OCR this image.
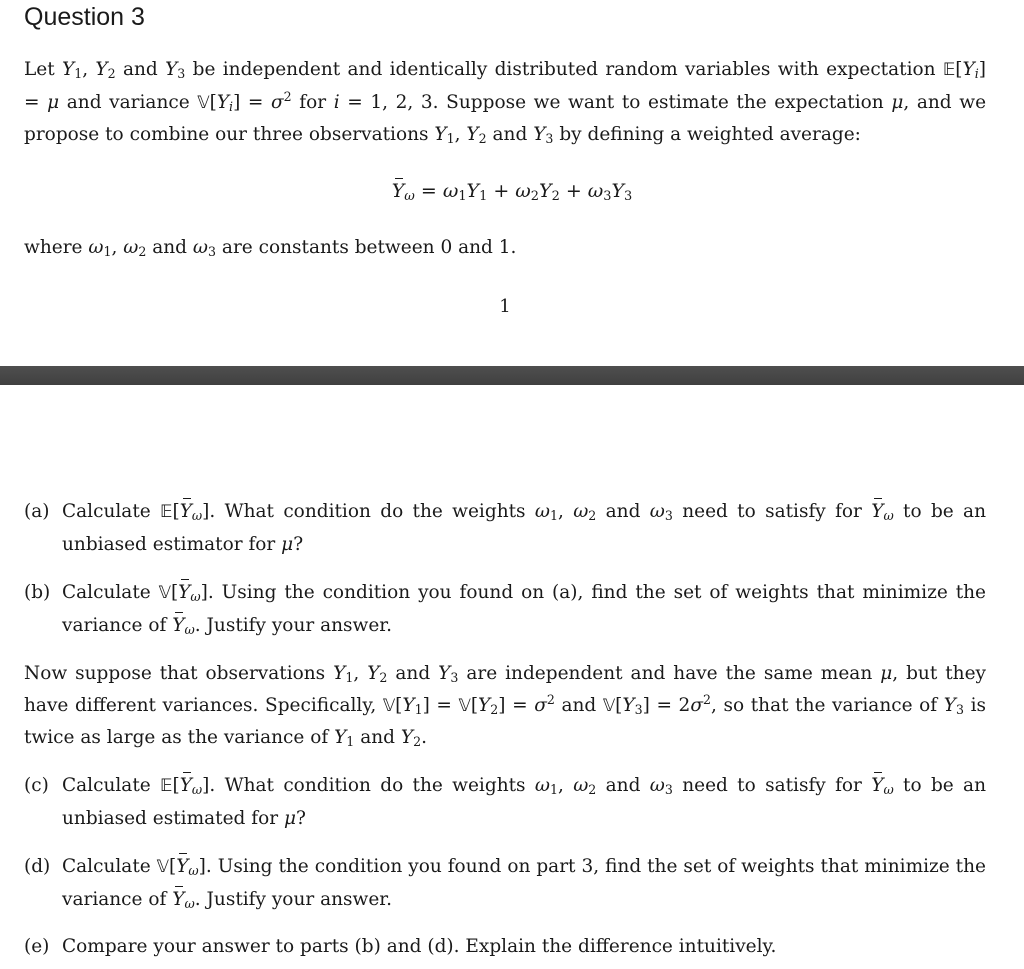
Question 3
Let $Y_1$, $Y_2$ and $Y_3$ be independent and identically distributed random variables with expectation $𝔼[Y_i] = \mu$ and variance $𝕍[Y_i] = \sigma^2$ for i = 1, 2, 3. Suppose we want to estimate the expectation μ, and we propose to combine our three observations $Y_1$, $Y_2$ and $Y_3$ by defining a weighted average:
$Y_\omega = \omega_1Y_1 + \omega_2Y_2 + \omega_3Y_3$
where $\omega_1$, $\omega_2$ and $\omega_3$ are constants between 0 and 1.
1
(a) Calculate $𝔼[Y_\omega]$. What condition do the weights $\omega_1$, $\omega_2$ and $\omega_3$ need to satisfy for $Y_\omega$ to be an unbiased estimator for μ?
(b) Calculate $𝕍[Y_\omega]$. Using the condition you found on (a), find the set of weights that minimize the variance of $Y_\omega$. Justify your answer.
Now suppose that observations $Y_1$, $Y_2$ and $Y_3$ are independent and have the same mean μ, but they have different variances. Specifically, $𝕍[Y_1]$ = $𝕍[Y_2] = \sigma^2$ and $𝕍[Y_3] = 2\sigma^2$, so that the variance of $Y_3$ is twice as large as the variance of $Y_1$ and $Y_2$.
(c) Calculate $𝔼[Y_\omega]$. What condition do the weights $\omega_1$, $\omega_2$ and $\omega_3$ need to satisfy for $Y_\omega$ to be an unbiased estimated for μ?
(d) Calculate $𝕍[Y_\omega]$. Using the condition you found on part 3, find the set of weights that minimize the variance of $Y_\omega$. Justify your answer.
(e) Compare your answer to parts (b) and (d). Explain the difference intuitively.
